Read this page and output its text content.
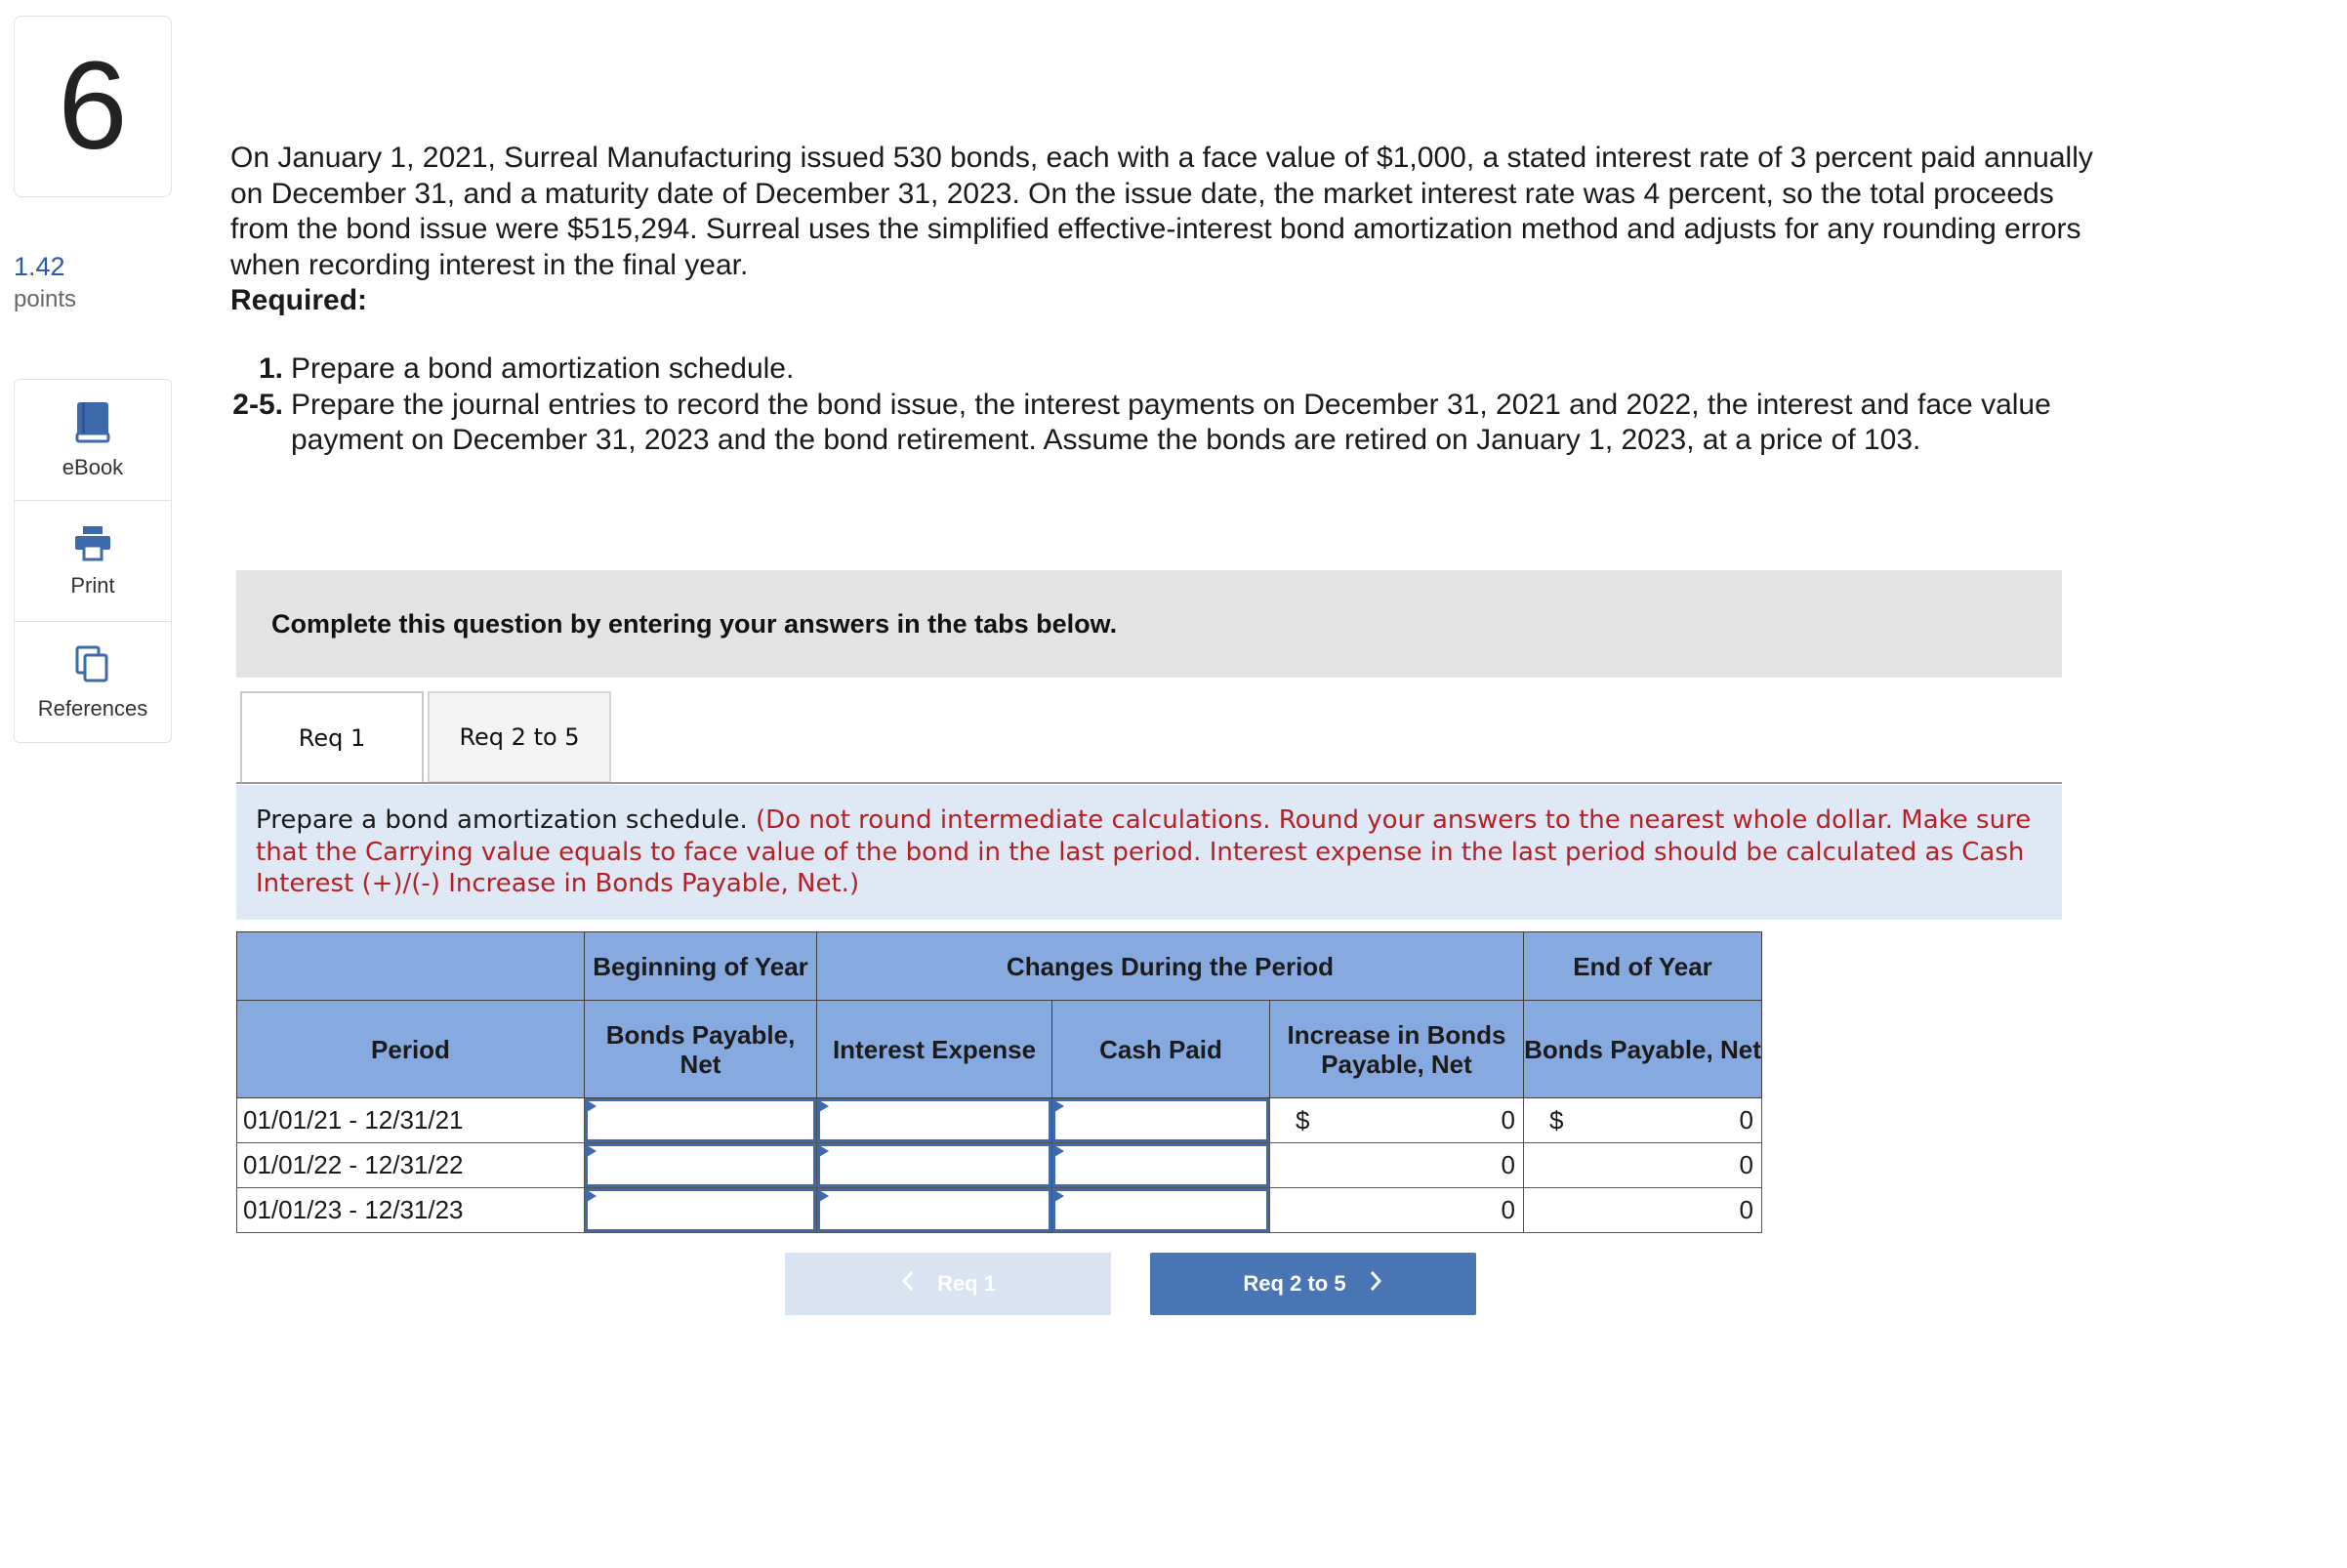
6
1.42
points
eBook
Print
References
On January 1, 2021, Surreal Manufacturing issued 530 bonds, each with a face value of $1,000, a stated interest rate of 3 percent paid annually on December 31, and a maturity date of December 31, 2023. On the issue date, the market interest rate was 4 percent, so the total proceeds from the bond issue were $515,294. Surreal uses the simplified effective-interest bond amortization method and adjusts for any rounding errors when recording interest in the final year.
Required:
1. Prepare a bond amortization schedule.
2-5. Prepare the journal entries to record the bond issue, the interest payments on December 31, 2021 and 2022, the interest and face value payment on December 31, 2023 and the bond retirement. Assume the bonds are retired on January 1, 2023, at a price of 103.
Complete this question by entering your answers in the tabs below.
Req 1	Req 2 to 5
Prepare a bond amortization schedule. (Do not round intermediate calculations. Round your answers to the nearest whole dollar. Make sure that the Carrying value equals to face value of the bond in the last period. Interest expense in the last period should be calculated as Cash Interest (+)/(-) Increase in Bonds Payable, Net.)
	Beginning of Year	Changes During the Period			End of Year
Period	Bonds Payable, Net	Interest Expense	Cash Paid	Increase in Bonds Payable, Net	Bonds Payable, Net
01/01/21 - 12/31/21				$ 0	$ 0
01/01/22 - 12/31/22				0	0
01/01/23 - 12/31/23				0	0
Req 1	Req 2 to 5
